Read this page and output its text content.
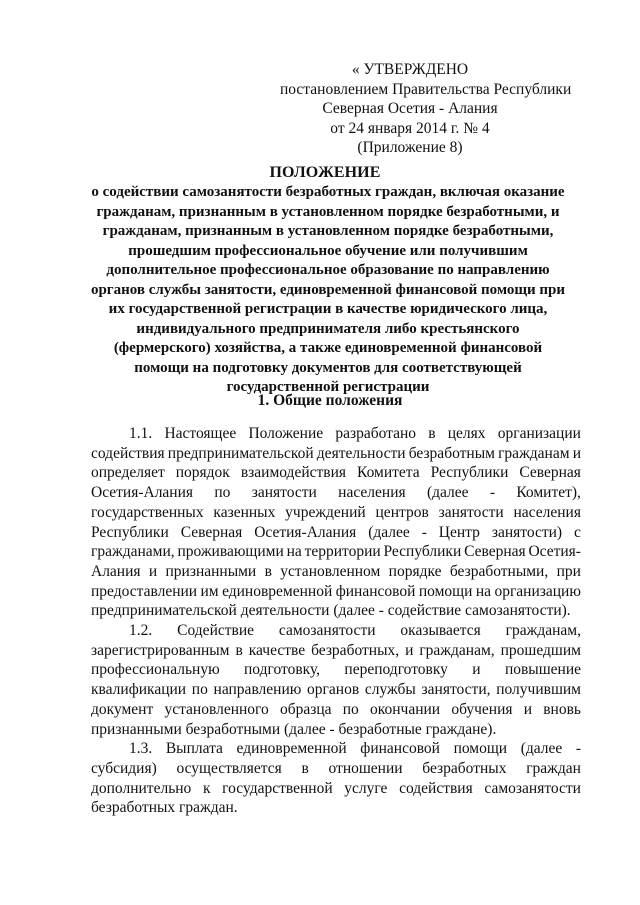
« УТВЕРЖДЕНО
постановлением Правительства Республики
Северная Осетия - Алания
от 24 января 2014 г. № 4
(Приложение 8)
ПОЛОЖЕНИЕ
о содействии самозанятости безработных граждан, включая оказание
гражданам, признанным в установленном порядке безработными, и
гражданам, признанным в установленном порядке безработными,
прошедшим профессиональное обучение или получившим
дополнительное профессиональное образование по направлению
органов службы занятости, единовременной финансовой помощи при
их государственной регистрации в качестве юридического лица,
индивидуального предпринимателя либо крестьянского
(фермерского) хозяйства, а также единовременной финансовой
помощи на подготовку документов для соответствующей
государственной регистрации
1. Общие положения
1.1. Настоящее Положение разработано в целях организации
содействия предпринимательской деятельности безработным гражданам и
определяет порядок взаимодействия Комитета Республики Северная
Осетия-Алания по занятости населения (далее - Комитет),
государственных казенных учреждений центров занятости населения
Республики Северная Осетия-Алания (далее - Центр занятости) с
гражданами, проживающими на территории Республики Северная Осетия-
Алания и признанными в установленном порядке безработными, при
предоставлении им единовременной финансовой помощи на организацию
предпринимательской деятельности (далее - содействие самозанятости).
1.2. Содействие самозанятости оказывается гражданам,
зарегистрированным в качестве безработных, и гражданам, прошедшим
профессиональную подготовку, переподготовку и повышение
квалификации по направлению органов службы занятости, получившим
документ установленного образца по окончании обучения и вновь
признанными безработными (далее - безработные граждане).
1.3. Выплата единовременной финансовой помощи (далее -
субсидия) осуществляется в отношении безработных граждан
дополнительно к государственной услуге содействия самозанятости
безработных граждан.
